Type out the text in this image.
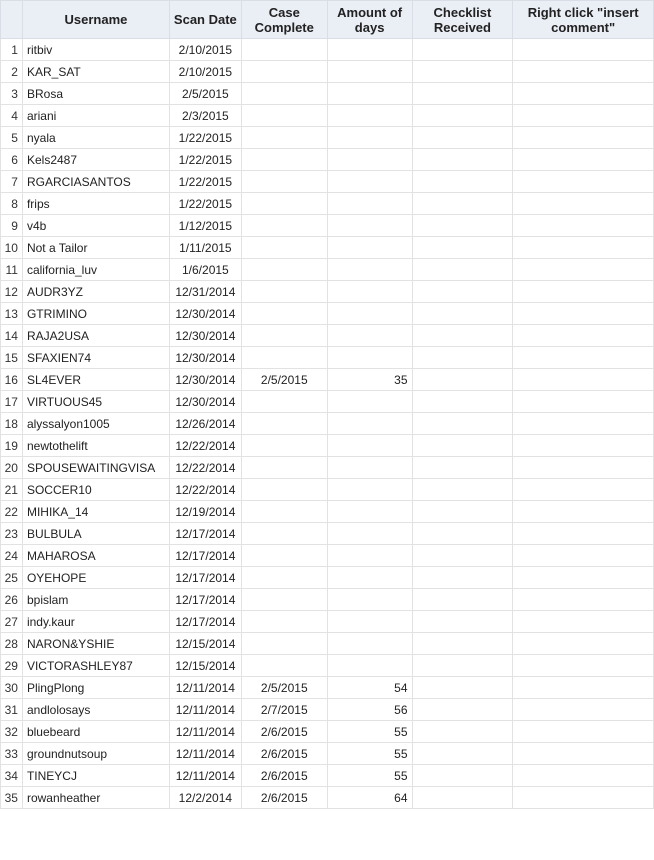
	Username	Scan Date	Case Complete	Amount of days	Checklist Received	Right click "insert comment"
1	ritbiv	2/10/2015				
2	KAR_SAT	2/10/2015				
3	BRosa	2/5/2015				
4	ariani	2/3/2015				
5	nyala	1/22/2015				
6	Kels2487	1/22/2015				
7	RGARCIASANTOS	1/22/2015				
8	frips	1/22/2015				
9	v4b	1/12/2015				
10	Not a Tailor	1/11/2015				
11	california_luv	1/6/2015				
12	AUDR3YZ	12/31/2014				
13	GTRIMINO	12/30/2014				
14	RAJA2USA	12/30/2014				
15	SFAXIEN74	12/30/2014				
16	SL4EVER	12/30/2014	2/5/2015	35		
17	VIRTUOUS45	12/30/2014				
18	alyssalyon1005	12/26/2014				
19	newtothelift	12/22/2014				
20	SPOUSEWAITINGVISA	12/22/2014				
21	SOCCER10	12/22/2014				
22	MIHIKA_14	12/19/2014				
23	BULBULA	12/17/2014				
24	MAHAROSA	12/17/2014				
25	OYEHOPE	12/17/2014				
26	bpislam	12/17/2014				
27	indy.kaur	12/17/2014				
28	NARON&YSHIE	12/15/2014				
29	VICTORASHLEY87	12/15/2014				
30	PlingPlong	12/11/2014	2/5/2015	54		
31	andlolosays	12/11/2014	2/7/2015	56		
32	bluebeard	12/11/2014	2/6/2015	55		
33	groundnutsoup	12/11/2014	2/6/2015	55		
34	TINEYCJ	12/11/2014	2/6/2015	55		
35	rowanheather	12/2/2014	2/6/2015	64		
